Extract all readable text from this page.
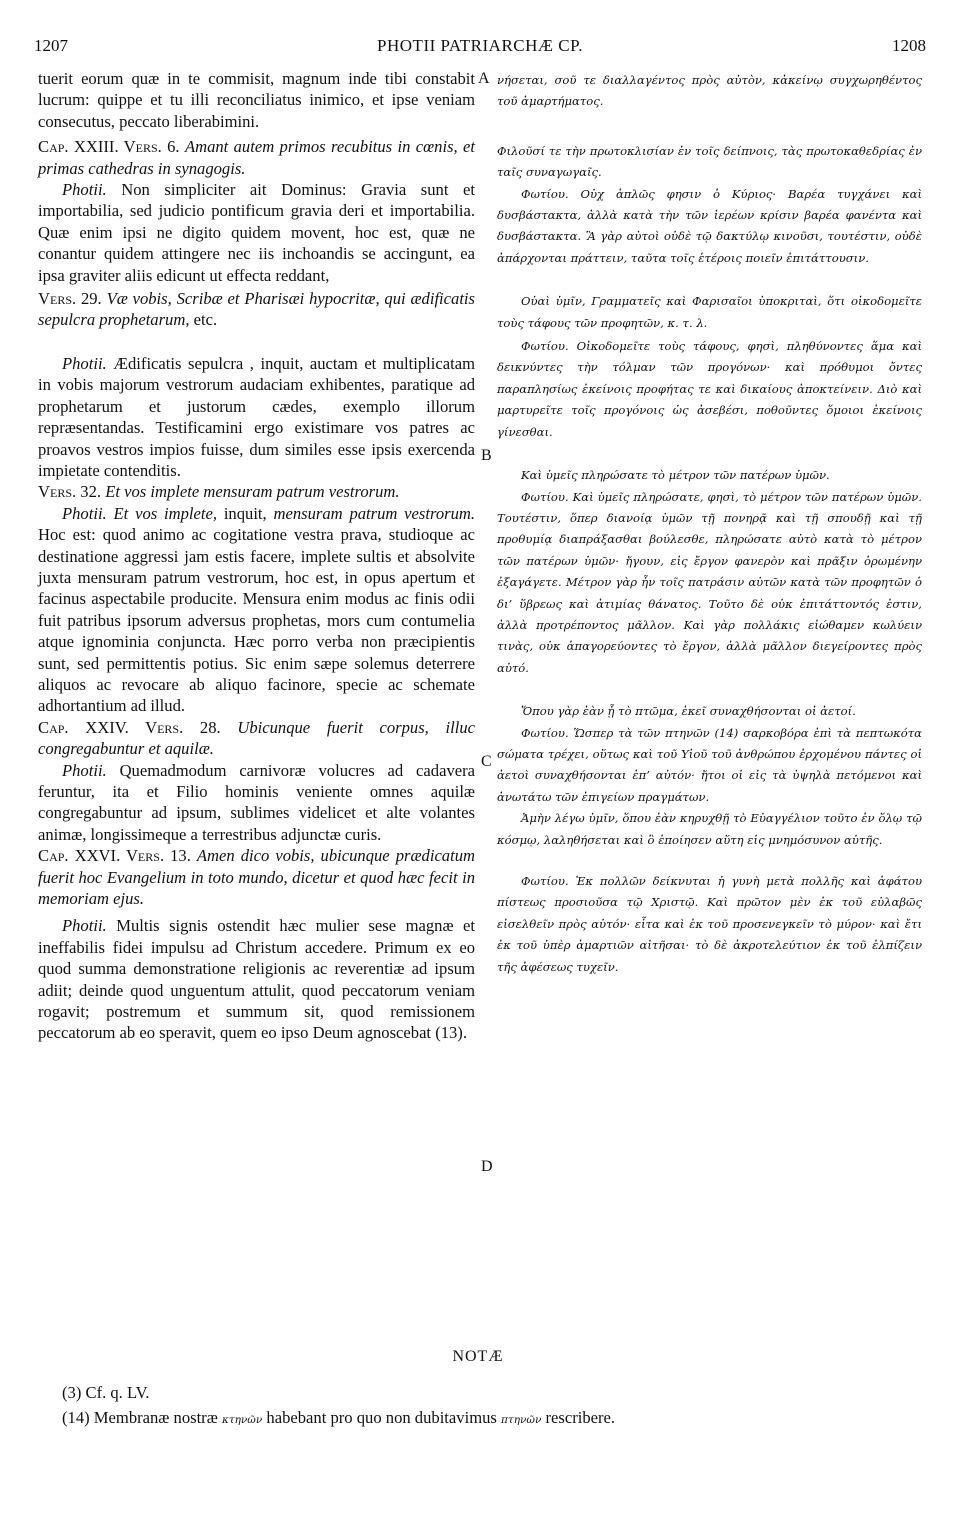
1207	PHOTII PATRIARCHÆ CP.	1208

tuerit eorum quæ in te commisit, magnum inde tibi constabit lucrum: quippe et tu illi reconciliatus inimico, et ipse veniam consecutus, peccato liberabimini.

Cap. XXIII. Vers. 6. Amant autem primos recubitus in cœnis, et primas cathedras in synagogis.

Photii. Non simpliciter ait Dominus: Gravia sunt et importabilia, sed judicio pontificum gravia deri et importabilia. Quæ enim ipsi ne digito quidem movent, hoc est, quæ ne conantur quidem attingere nec iis inchoandis se accingunt, ea ipsa graviter aliis edicunt ut effecta reddant,

Vers. 29. Væ vobis, Scribæ et Pharisæi hypocritæ, qui ædificatis sepulcra prophetarum, etc.

Photii. Ædificatis sepulcra , inquit, auctam et multiplicatam in vobis majorum vestrorum audaciam exhibentes, paratique ad prophetarum et justorum cædes, exemplo illorum repræsentandas. Testificamini ergo existimare vos patres ac proavos vestros impios fuisse, dum similes esse ipsis exercenda impietate contenditis.

Vers. 32. Et vos implete mensuram patrum vestrorum.

Photii. Et vos implete, inquit, mensuram patrum vestrorum. Hoc est: quod animo ac cogitatione vestra prava, studioque ac destinatione aggressi jam estis facere, implete sultis et absolvite juxta mensuram patrum vestrorum, hoc est, in opus apertum et facinus aspectabile producite. Mensura enim modus ac finis odii fuit patribus ipsorum adversus prophetas, mors cum contumelia atque ignominia conjuncta. Hæc porro verba non præcipientis sunt, sed permittentis potius. Sic enim sæpe solemus deterrere aliquos ac revocare ab aliquo facinore, specie ac schemate adhortantium ad illud.

Cap. XXIV. Vers. 28. Ubicunque fuerit corpus, illuc congregabuntur et aquilæ.

Photii. Quemadmodum carnivoræ volucres ad cadavera feruntur, ita et Filio hominis veniente omnes aquilæ congregabuntur ad ipsum, sublimes videlicet et alte volantes animæ, longissimeque a terrestribus adjunctæ curis.

Cap. XXVI. Vers. 13. Amen dico vobis, ubicunque prædicatum fuerit hoc Evangelium in toto mundo, dicetur et quod hæc fecit in memoriam ejus.

Photii. Multis signis ostendit hæc mulier sese magnæ et ineffabilis fidei impulsu ad Christum accedere. Primum ex eo quod summa demonstratione religionis ac reverentiæ ad ipsum adiit; deinde quod unguentum attulit, quod peccatorum veniam rogavit; postremum et summum sit, quod remissionem peccatorum ab eo speravit, quem eo ipso Deum agnoscebat (13).

A
B
C
D

νήσεται, σοῦ τε διαλλαγέντος πρὸς αὐτὸν, κἀκείνῳ συγχωρηθέντος τοῦ ἁμαρτήματος.

Φιλοῦσί τε τὴν πρωτοκλισίαν ἐν τοῖς δείπνοις, τὰς πρωτοκαθεδρίας ἐν ταῖς συναγωγαῖς.

Φωτίου. Οὐχ ἁπλῶς φησιν ὁ Κύριος· Βαρέα τυγχάνει καὶ δυσβάστακτα, ἀλλὰ κατὰ τὴν τῶν ἱερέων κρίσιν βαρέα φανέντα καὶ δυσβάστακτα. Ἃ γὰρ αὐτοὶ οὐδὲ τῷ δακτύλῳ κινοῦσι, τουτέστιν, οὐδὲ ἀπάρχονται πράττειν, ταῦτα τοῖς ἑτέροις ποιεῖν ἐπιτάττουσιν.

Οὐαὶ ὑμῖν, Γραμματεῖς καὶ Φαρισαῖοι ὑποκριταὶ, ὅτι οἰκοδομεῖτε τοὺς τάφους τῶν προφητῶν, κ. τ. λ.

Φωτίου. Οἰκοδομεῖτε τοὺς τάφους, φησὶ, πληθύνοντες ἅμα καὶ δεικνύντες τὴν τόλμαν τῶν προγόνων· καὶ πρόθυμοι ὄντες παραπλησίως ἐκείνοις προφήτας τε καὶ δικαίους ἀποκτείνειν. Διὸ καὶ μαρτυρεῖτε τοῖς προγόνοις ὡς ἀσεβέσι, ποθοῦντες ὅμοιοι ἐκείνοις γίνεσθαι.

Καὶ ὑμεῖς πληρώσατε τὸ μέτρον τῶν πατέρων ὑμῶν.

Φωτίου. Καὶ ὑμεῖς πληρώσατε, φησὶ, τὸ μέτρον τῶν πατέρων ὑμῶν. Τουτέστιν, ὅπερ διανοίᾳ ὑμῶν τῇ πονηρᾷ καὶ τῇ σπουδῇ καὶ τῇ προθυμίᾳ διαπράξασθαι βούλεσθε, πληρώσατε αὐτὸ κατὰ τὸ μέτρον τῶν πατέρων ὑμῶν· ἤγουν, εἰς ἔργον φανερὸν καὶ πρᾶξιν ὁρωμένην ἐξαγάγετε. Μέτρον γὰρ ἦν τοῖς πατράσιν αὐτῶν κατὰ τῶν προφητῶν ὁ δι’ ὕβρεως καὶ ἀτιμίας θάνατος. Τοῦτο δὲ οὐκ ἐπιτάττοντός ἐστιν, ἀλλὰ προτρέποντος μᾶλλον. Καὶ γὰρ πολλάκις εἰώθαμεν κωλύειν τινὰς, οὐκ ἀπαγορεύοντες τὸ ἔργον, ἀλλὰ μᾶλλον διεγείροντες πρὸς αὐτό.

Ὅπου γὰρ ἐὰν ᾖ τὸ πτῶμα, ἐκεῖ συναχθήσονται οἱ ἀετοί.

Φωτίου. Ὥσπερ τὰ τῶν πτηνῶν (14) σαρκοβόρα ἐπὶ τὰ πεπτωκότα σώματα τρέχει, οὕτως καὶ τοῦ Υἱοῦ τοῦ ἀνθρώπου ἐρχομένου πάντες οἱ ἀετοὶ συναχθήσονται ἐπ’ αὐτόν· ἤτοι οἱ εἰς τὰ ὑψηλὰ πετόμενοι καὶ ἀνωτάτω τῶν ἐπιγείων πραγμάτων.

Ἀμὴν λέγω ὑμῖν, ὅπου ἐὰν κηρυχθῇ τὸ Εὐαγγέλιον τοῦτο ἐν ὅλῳ τῷ κόσμῳ, λαληθήσεται καὶ ὃ ἐποίησεν αὕτη εἰς μνημόσυνον αὐτῆς.

Φωτίου. Ἐκ πολλῶν δείκνυται ἡ γυνὴ μετὰ πολλῆς καὶ ἀφάτου πίστεως προσιοῦσα τῷ Χριστῷ. Καὶ πρῶτον μὲν ἐκ τοῦ εὐλαβῶς εἰσελθεῖν πρὸς αὐτόν· εἶτα καὶ ἐκ τοῦ προσενεγκεῖν τὸ μύρον· καὶ ἔτι ἐκ τοῦ ὑπὲρ ἁμαρτιῶν αἰτῆσαι· τὸ δὲ ἀκροτελεύτιον ἐκ τοῦ ἐλπίζειν τῆς ἀφέσεως τυχεῖν.

NOTÆ
(3) Cf. q. LV.
(14) Membranæ nostræ κτηνῶν habebant pro quo non dubitavimus πτηνῶν rescribere.
